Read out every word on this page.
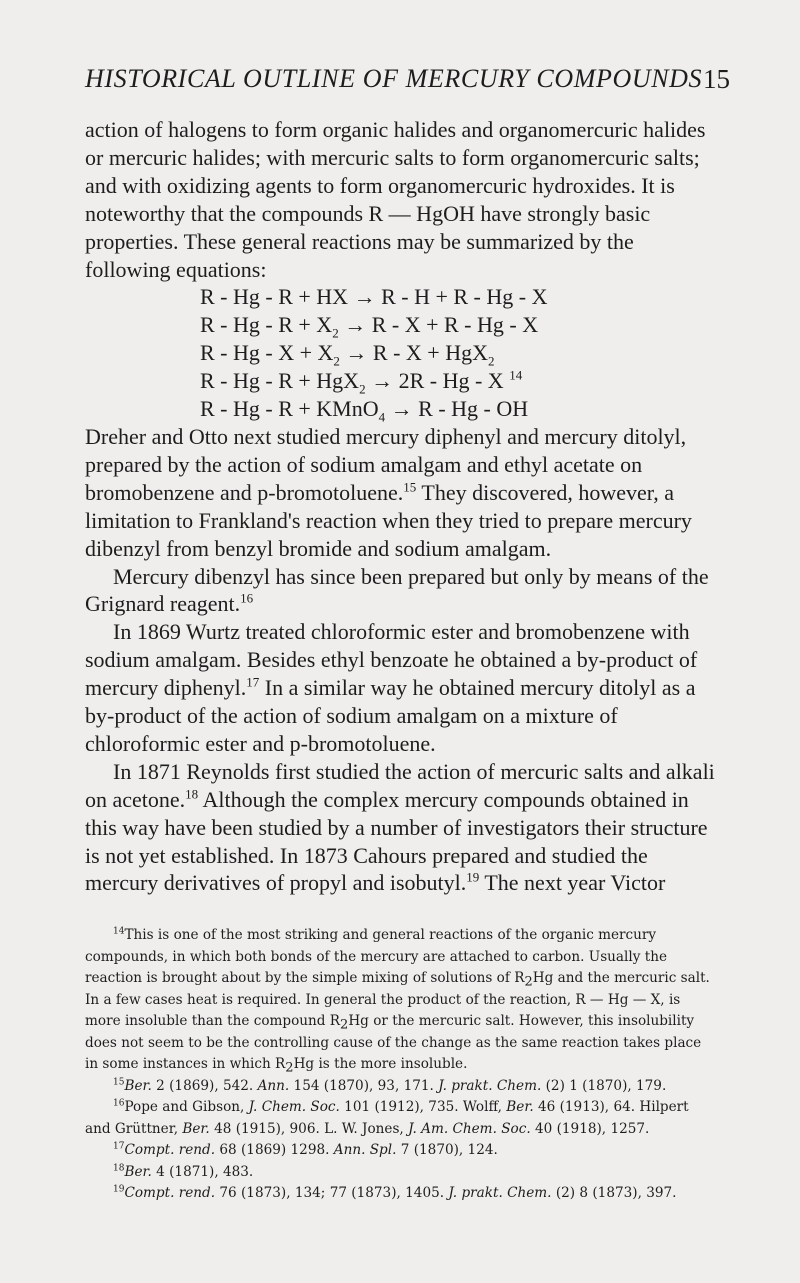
HISTORICAL OUTLINE OF MERCURY COMPOUNDS 15

action of halogens to form organic halides and organomercuric halides or mercuric halides; with mercuric salts to form organomercuric salts; and with oxidizing agents to form organomercuric hydroxides. It is noteworthy that the compounds R — HgOH have strongly basic properties. These general reactions may be summarized by the following equations:

R - Hg - R + HX → R - H + R - Hg - X
$R - Hg - R + X_2 \to R - X + R - Hg - X$
$R - Hg - X + X_2 \to R - X + HgX_2$
R - Hg - R + HgX$_2$ → 2R - Hg - X $^{14}$
R - Hg - R + KMnO$_4$ → R - Hg - OH

Dreher and Otto next studied mercury diphenyl and mercury ditolyl, prepared by the action of sodium amalgam and ethyl acetate on bromobenzene and p-bromotoluene.$^{15}$ They discovered, however, a limitation to Frankland's reaction when they tried to prepare mercury dibenzyl from benzyl bromide and sodium amalgam.

Mercury dibenzyl has since been prepared but only by means of the Grignard reagent.$^{16}$

In 1869 Wurtz treated chloroformic ester and bromobenzene with sodium amalgam. Besides ethyl benzoate he obtained a by-product of mercury diphenyl.$^{17}$ In a similar way he obtained mercury ditolyl as a by-product of the action of sodium amalgam on a mixture of chloroformic ester and p-bromotoluene.

In 1871 Reynolds first studied the action of mercuric salts and alkali on acetone.$^{18}$ Although the complex mercury compounds obtained in this way have been studied by a number of investigators their structure is not yet established. In 1873 Cahours prepared and studied the mercury derivatives of propyl and isobutyl.$^{19}$ The next year Victor

$^{14}$This is one of the most striking and general reactions of the organic mercury compounds, in which both bonds of the mercury are attached to carbon. Usually the reaction is brought about by the simple mixing of solutions of $R_2Hg$ and the mercuric salt. In a few cases heat is required. In general the product of the reaction, R — Hg — X, is more insoluble than the compound $R_2Hg$ or the mercuric salt. However, this insolubility does not seem to be the controlling cause of the change as the same reaction takes place in some instances in which $R_2Hg$ is the more insoluble.

$^{15}$Ber. 2 (1869), 542. Ann. 154 (1870), 93, 171. J. prakt. Chem. (2) 1 (1870), 179.

$^{16}$Pope and Gibson, J. Chem. Soc. 101 (1912), 735. Wolff, Ber. 46 (1913), 64. Hilpert and Grüttner, Ber. 48 (1915), 906. L. W. Jones, J. Am. Chem. Soc. 40 (1918), 1257.

$^{17}$Compt. rend. 68 (1869) 1298. Ann. Spl. 7 (1870), 124.

$^{18}$Ber. 4 (1871), 483.

$^{19}$Compt. rend. 76 (1873), 134; 77 (1873), 1405. J. prakt. Chem. (2) 8 (1873), 397.
